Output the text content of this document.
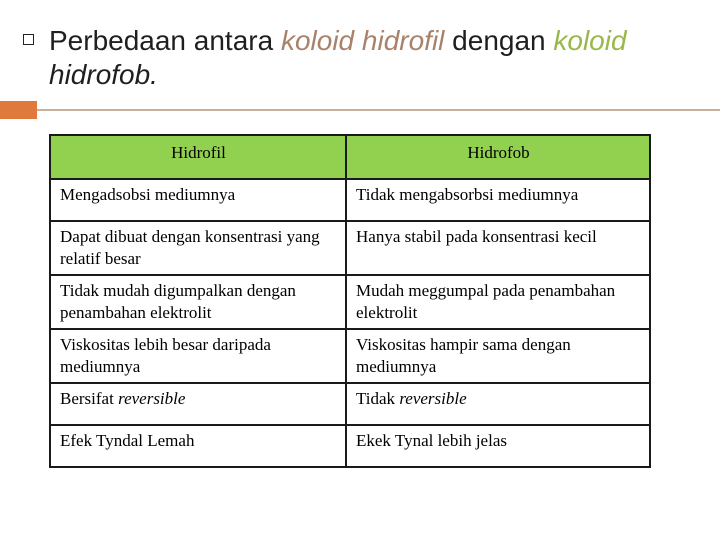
Perbedaan antara koloid hidrofil dengan koloid
hidrofob.
Hidrofil	Hidrofob
Mengadsobsi mediumnya	Tidak mengabsorbsi mediumnya
Dapat dibuat dengan konsentrasi yang relatif besar	Hanya stabil pada konsentrasi kecil
Tidak mudah digumpalkan dengan penambahan elektrolit	Mudah meggumpal pada penambahan elektrolit
Viskositas lebih besar daripada mediumnya	Viskositas hampir sama dengan mediumnya
Bersifat reversible	Tidak reversible
Efek Tyndal Lemah	Ekek Tynal lebih jelas
